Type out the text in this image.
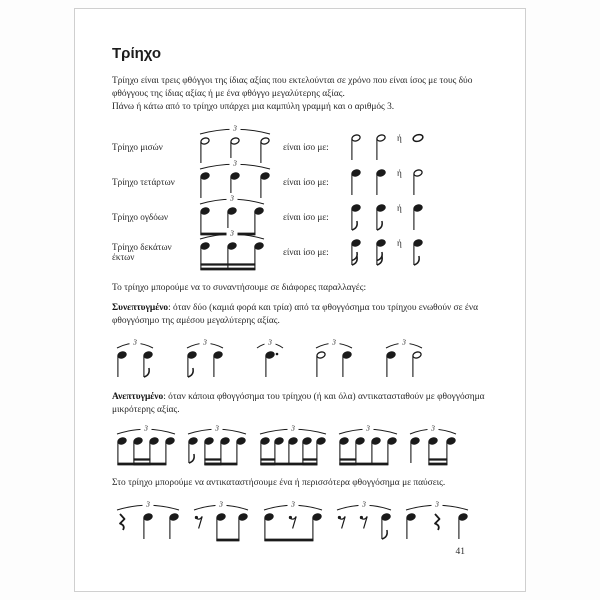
Τρίηχο

Τρίηχο είναι τρεις φθόγγοι της ίδιας αξίας που εκτελούνται σε χρόνο που είναι ίσος με τους δύο φθόγγους της ίδιας αξίας ή με ένα φθόγγο μεγαλύτερης αξίας.

Πάνω ή κάτω από το τρίηχο υπάρχει μια καμπύλη γραμμή και ο αριθμός 3.

Τρίηχο μισών
3
είναι ίσο με:
ή
Τρίηχο τετάρτων
3
είναι ίσο με:
ή
Τρίηχο ογδόων
3
είναι ίσο με:
ή
Τρίηχο δεκάτων έκτων
3
είναι ίσο με:
ή

Το τρίηχο μπορούμε να το συναντήσουμε σε διάφορες παραλλαγές:

Συνεπτυγμένο: όταν δύο (καμιά φορά και τρία) από τα φθογγόσημα του τρίηχου ενωθούν σε ένα φθογγόσημο της αμέσου μεγαλύτερης αξίας.

3	3	3	3	3

Ανεπτυγμένο: όταν κάποια φθογγόσημα του τρίηχου (ή και όλα) αντικατασταθούν με φθογγόσημα μικρότερης αξίας.

3	3	3	3	3

Στο τρίηχο μπορούμε να αντικαταστήσουμε ένα ή περισσότερα φθογγόσημα με παύσεις.

3	3	3	3	3
41
